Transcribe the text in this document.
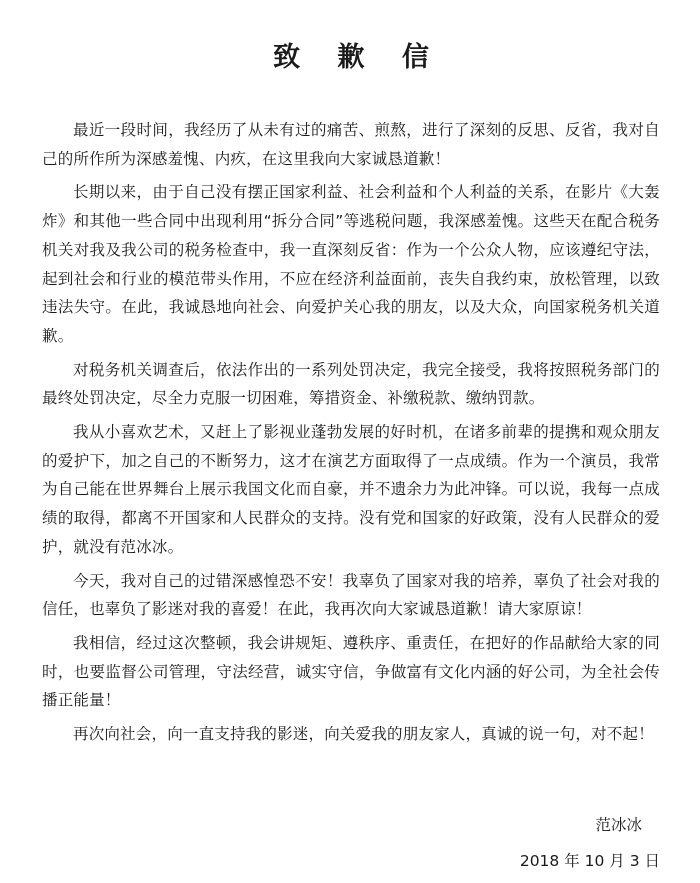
致 歉 信

最近一段时间，我经历了从未有过的痛苦、煎熬，进行了深刻的反思、反省，我对自己的所作所为深感羞愧、内疚，在这里我向大家诚恳道歉！

长期以来，由于自己没有摆正国家利益、社会利益和个人利益的关系，在影片《大轰炸》和其他一些合同中出现利用“拆分合同”等逃税问题，我深感羞愧。这些天在配合税务机关对我及我公司的税务检查中，我一直深刻反省：作为一个公众人物，应该遵纪守法，起到社会和行业的模范带头作用，不应在经济利益面前，丧失自我约束，放松管理，以致违法失守。在此，我诚恳地向社会、向爱护关心我的朋友，以及大众，向国家税务机关道歉。

对税务机关调查后，依法作出的一系列处罚决定，我完全接受，我将按照税务部门的最终处罚决定，尽全力克服一切困难，筹措资金、补缴税款、缴纳罚款。

我从小喜欢艺术，又赶上了影视业蓬勃发展的好时机，在诸多前辈的提携和观众朋友的爱护下，加之自己的不断努力，这才在演艺方面取得了一点成绩。作为一个演员，我常为自己能在世界舞台上展示我国文化而自豪，并不遗余力为此冲锋。可以说，我每一点成绩的取得，都离不开国家和人民群众的支持。没有党和国家的好政策，没有人民群众的爱护，就没有范冰冰。

今天，我对自己的过错深感惶恐不安！我辜负了国家对我的培养，辜负了社会对我的信任，也辜负了影迷对我的喜爱！在此，我再次向大家诚恳道歉！请大家原谅！

我相信，经过这次整顿，我会讲规矩、遵秩序、重责任，在把好的作品献给大家的同时，也要监督公司管理，守法经营，诚实守信，争做富有文化内涵的好公司，为全社会传播正能量！

再次向社会，向一直支持我的影迷，向关爱我的朋友家人，真诚的说一句，对不起！

范冰冰
2018 年 10 月 3 日
